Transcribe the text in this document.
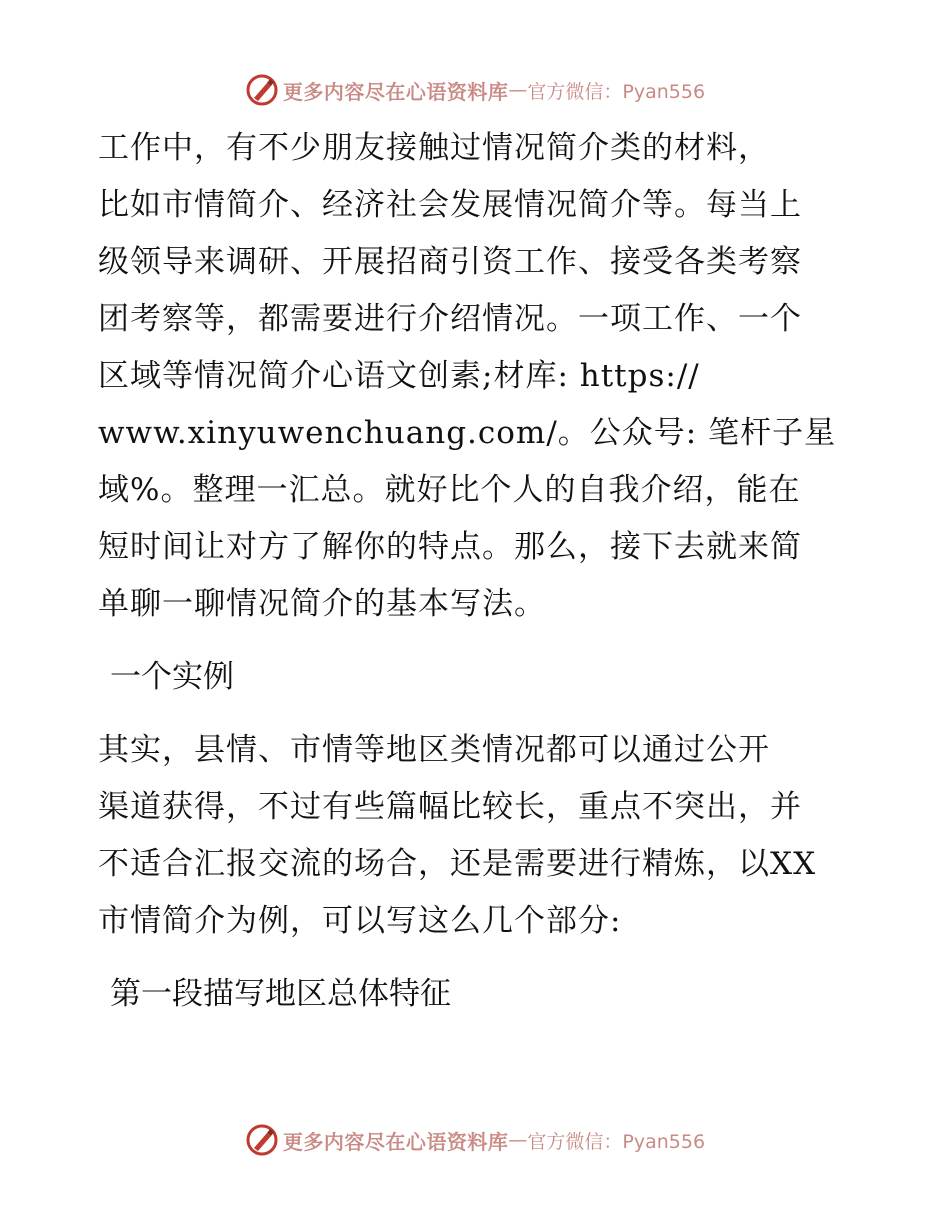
更多内容尽在心语资料库 — 官方微信：Pyan556
工作中，有不少朋友接触过情况简介类的材料，
比如市情简介、经济社会发展情况简介等。每当上
级领导来调研、开展招商引资工作、接受各类考察
团考察等，都需要进行介绍情况。一项工作、一个
区域等情况简介心语文创素;材库: https://
www.xinyuwenchuang.com/。公众号: 笔杆子星
域%。整理一汇总。就好比个人的自我介绍，能在
短时间让对方了解你的特点。那么，接下去就来简
单聊一聊情况简介的基本写法。
一个实例
其实，县情、市情等地区类情况都可以通过公开
渠道获得，不过有些篇幅比较长，重点不突出，并
不适合汇报交流的场合，还是需要进行精炼，以XX
市情简介为例，可以写这么几个部分:
第一段描写地区总体特征
更多内容尽在心语资料库 — 官方微信：Pyan556
